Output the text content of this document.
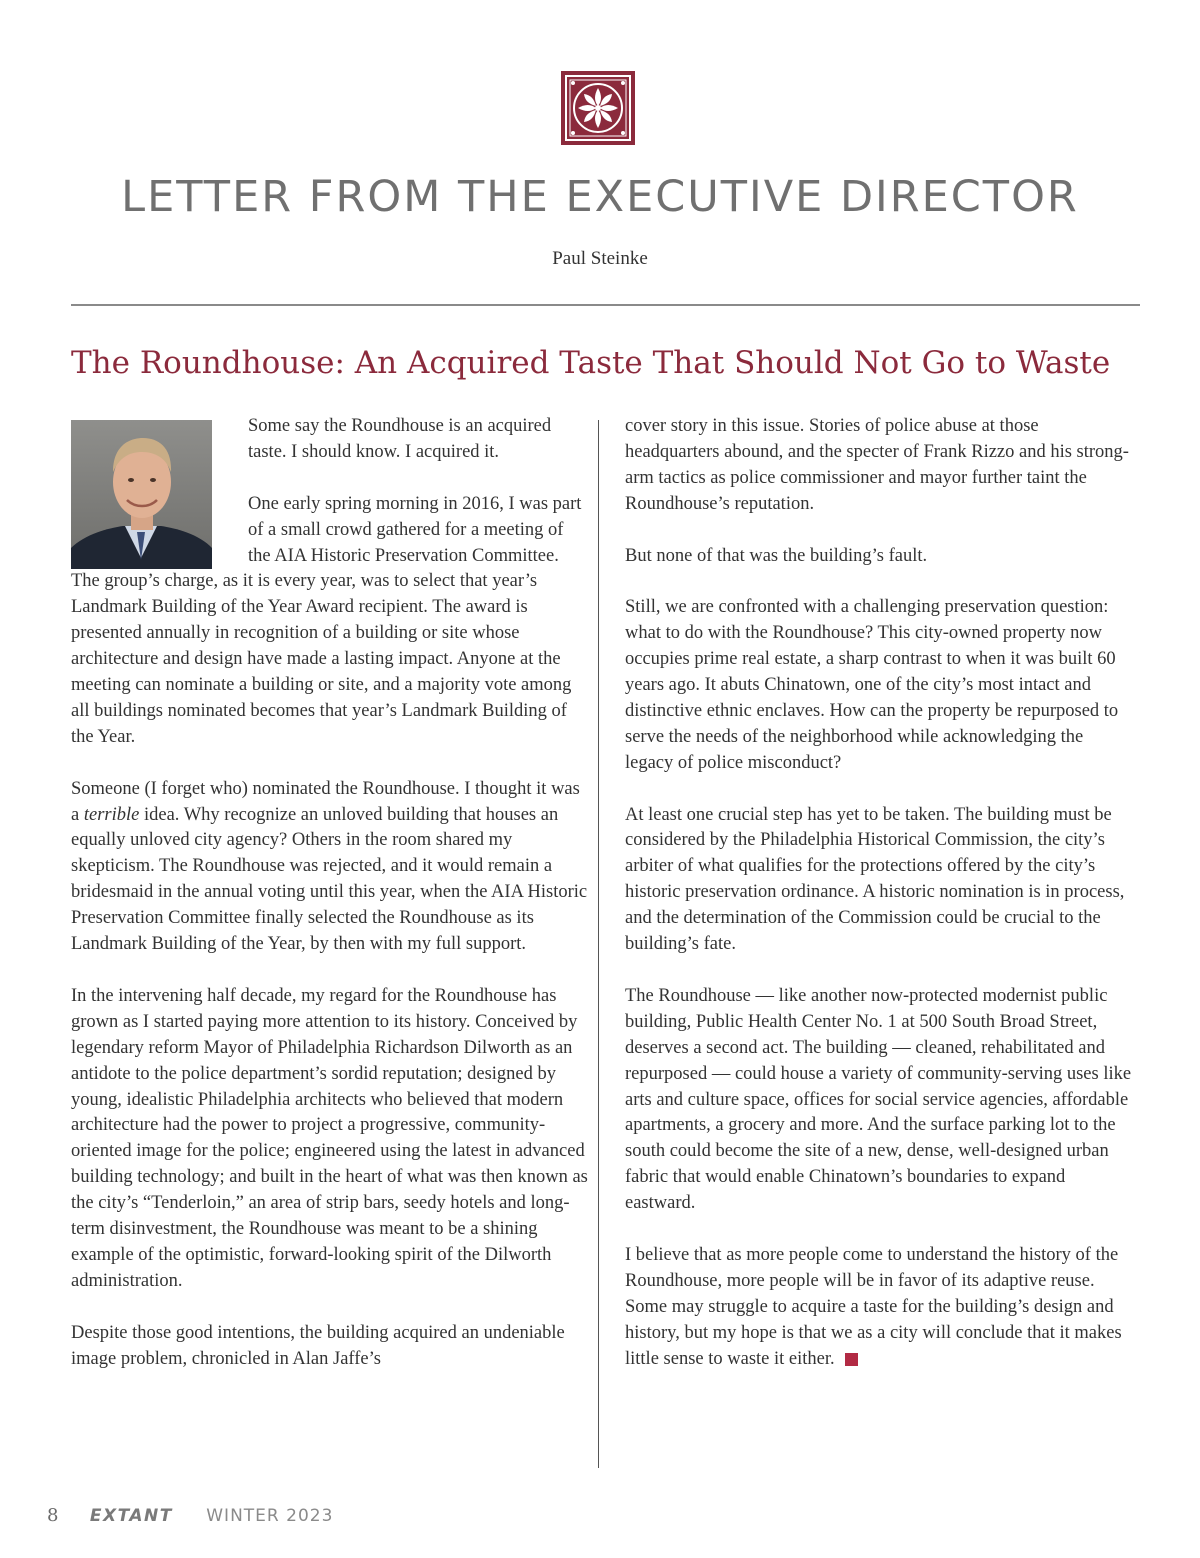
LETTER FROM THE EXECUTIVE DIRECTOR
Paul Steinke
The Roundhouse: An Acquired Taste That Should Not Go to Waste

Some say the Roundhouse is an acquired taste. I should know. I acquired it.

One early spring morning in 2016, I was part of a small crowd gathered for a meeting of the AIA Historic Preservation Committee. The group’s charge, as it is every year, was to select that year’s Landmark Building of the Year Award recipient. The award is presented annually in recognition of a building or site whose architecture and design have made a lasting impact. Anyone at the meeting can nominate a building or site, and a majority vote among all buildings nominated becomes that year’s Landmark Building of the Year.

Someone (I forget who) nominated the Roundhouse. I thought it was a terrible idea. Why recognize an unloved building that houses an equally unloved city agency? Others in the room shared my skepticism. The Roundhouse was rejected, and it would remain a bridesmaid in the annual voting until this year, when the AIA Historic Preservation Committee finally selected the Roundhouse as its Landmark Building of the Year, by then with my full support.

In the intervening half decade, my regard for the Roundhouse has grown as I started paying more attention to its history. Conceived by legendary reform Mayor of Philadelphia Richardson Dilworth as an antidote to the police department’s sordid reputation; designed by young, idealistic Philadelphia architects who believed that modern architecture had the power to project a progressive, community-oriented image for the police; engineered using the latest in advanced building technology; and built in the heart of what was then known as the city’s “Tenderloin,” an area of strip bars, seedy hotels and long-term disinvestment, the Roundhouse was meant to be a shining example of the optimistic, forward-looking spirit of the Dilworth administration.

Despite those good intentions, the building acquired an undeniable image problem, chronicled in Alan Jaffe’s

cover story in this issue. Stories of police abuse at those headquarters abound, and the specter of Frank Rizzo and his strong-arm tactics as police commissioner and mayor further taint the Roundhouse’s reputation.

But none of that was the building’s fault.

Still, we are confronted with a challenging preservation question: what to do with the Roundhouse? This city-owned property now occupies prime real estate, a sharp contrast to when it was built 60 years ago. It abuts Chinatown, one of the city’s most intact and distinctive ethnic enclaves. How can the property be repurposed to serve the needs of the neighborhood while acknowledging the legacy of police misconduct?

At least one crucial step has yet to be taken. The building must be considered by the Philadelphia Historical Commission, the city’s arbiter of what qualifies for the protections offered by the city’s historic preservation ordinance. A historic nomination is in process, and the determination of the Commission could be crucial to the building’s fate.

The Roundhouse — like another now-protected modernist public building, Public Health Center No. 1 at 500 South Broad Street, deserves a second act. The building — cleaned, rehabilitated and repurposed — could house a variety of community-serving uses like arts and culture space, offices for social service agencies, affordable apartments, a grocery and more. And the surface parking lot to the south could become the site of a new, dense, well-designed urban fabric that would enable Chinatown’s boundaries to expand eastward.

I believe that as more people come to understand the history of the Roundhouse, more people will be in favor of its adaptive reuse. Some may struggle to acquire a taste for the building’s design and history, but my hope is that we as a city will conclude that it makes little sense to waste it either.

8 EXTANT WINTER 2023
